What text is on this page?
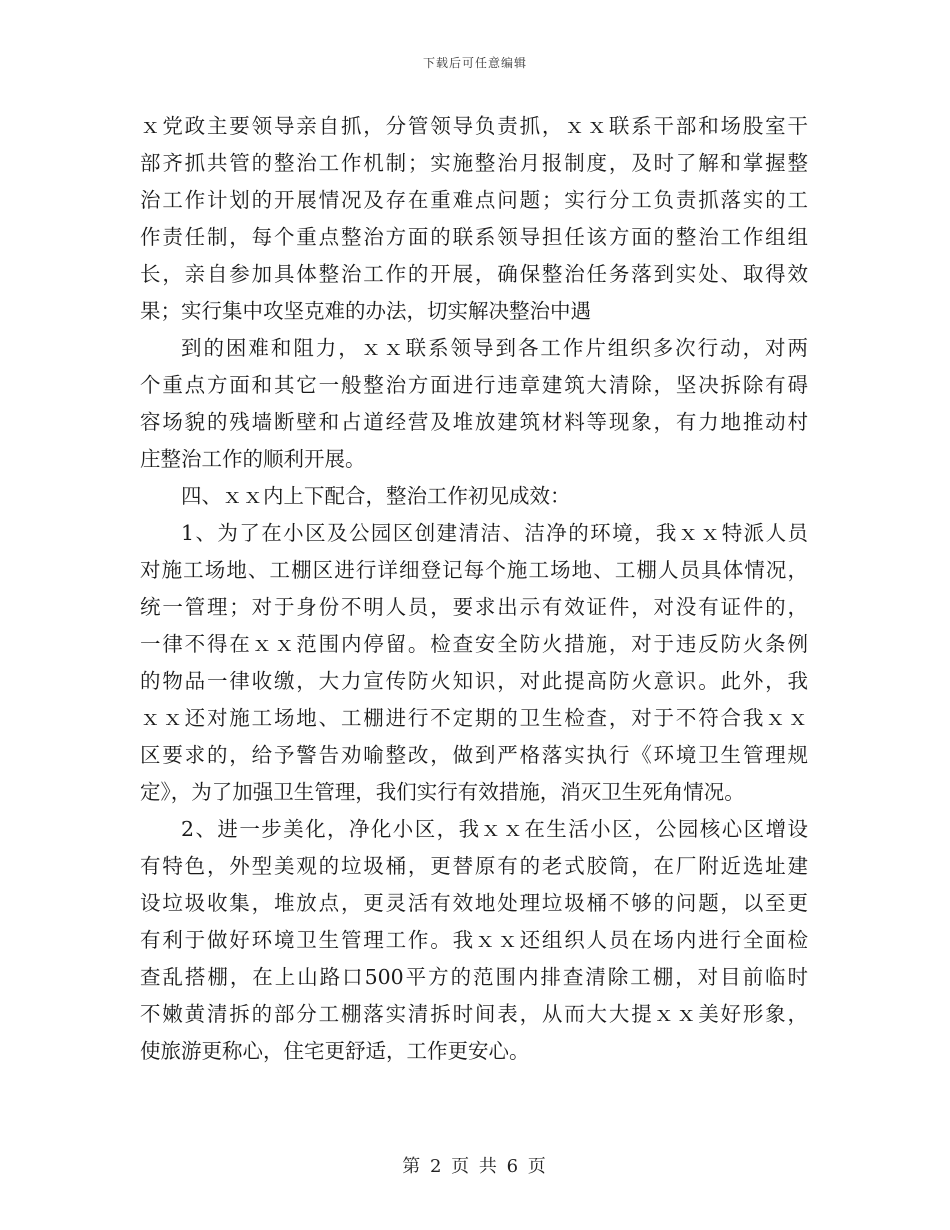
下载后可任意编辑
ｘ党政主要领导亲自抓，分管领导负责抓，ｘｘ联系干部和场股室干
部齐抓共管的整治工作机制；实施整治月报制度，及时了解和掌握整
治工作计划的开展情况及存在重难点问题；实行分工负责抓落实的工
作责任制，每个重点整治方面的联系领导担任该方面的整治工作组组
长，亲自参加具体整治工作的开展，确保整治任务落到实处、取得效
果；实行集中攻坚克难的办法，切实解决整治中遇
到的困难和阻力，ｘｘ联系领导到各工作片组织多次行动，对两
个重点方面和其它一般整治方面进行违章建筑大清除，坚决拆除有碍
容场貌的残墙断壁和占道经营及堆放建筑材料等现象，有力地推动村
庄整治工作的顺利开展。
四、ｘｘ内上下配合，整治工作初见成效：
1、为了在小区及公园区创建清洁、洁净的环境，我ｘｘ特派人员
对施工场地、工棚区进行详细登记每个施工场地、工棚人员具体情况，
统一管理；对于身份不明人员，要求出示有效证件，对没有证件的，
一律不得在ｘｘ范围内停留。检查安全防火措施，对于违反防火条例
的物品一律收缴，大力宣传防火知识，对此提高防火意识。此外，我
ｘｘ还对施工场地、工棚进行不定期的卫生检查，对于不符合我ｘｘ
区要求的，给予警告劝喻整改，做到严格落实执行《环境卫生管理规
定》，为了加强卫生管理，我们实行有效措施，消灭卫生死角情况。
2、进一步美化，净化小区，我ｘｘ在生活小区，公园核心区增设
有特色，外型美观的垃圾桶，更替原有的老式胶筒，在厂附近选址建
设垃圾收集，堆放点，更灵活有效地处理垃圾桶不够的问题，以至更
有利于做好环境卫生管理工作。我ｘｘ还组织人员在场内进行全面检
查乱搭棚，在上山路口500平方的范围内排查清除工棚，对目前临时
不嫩黄清拆的部分工棚落实清拆时间表，从而大大提ｘｘ美好形象，
使旅游更称心，住宅更舒适，工作更安心。
第 2 页 共 6 页
